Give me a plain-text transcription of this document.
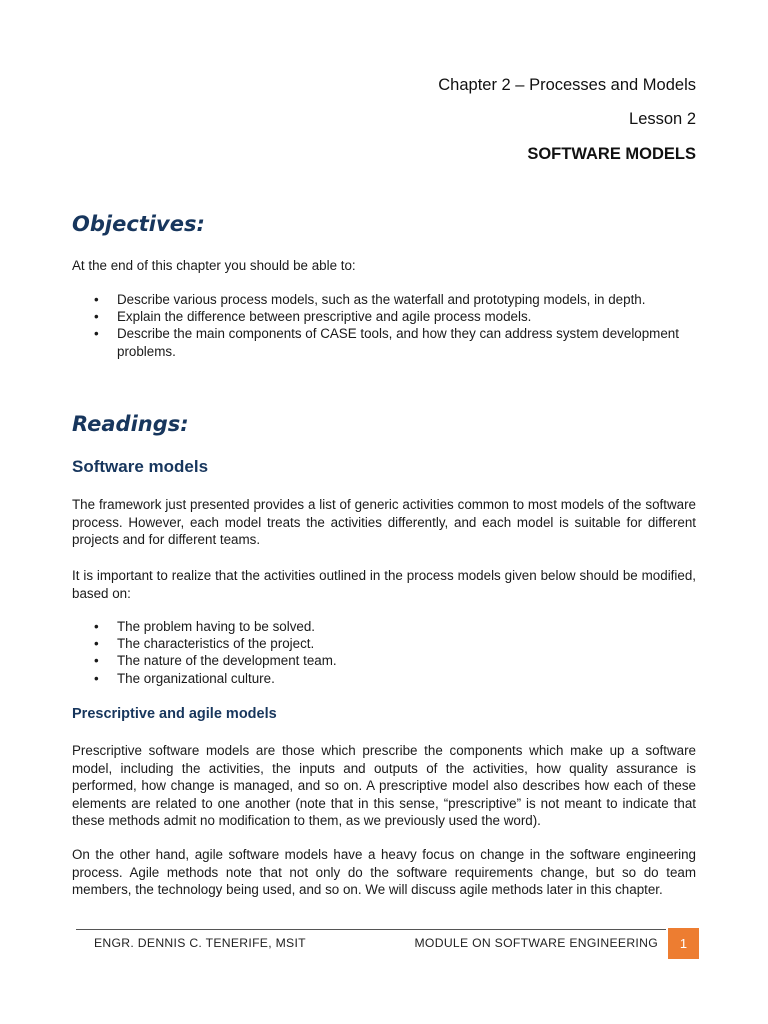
Chapter 2 – Processes and Models
Lesson 2
SOFTWARE MODELS
Objectives:

At the end of this chapter you should be able to:

• Describe various process models, such as the waterfall and prototyping models, in depth.
• Explain the difference between prescriptive and agile process models.
• Describe the main components of CASE tools, and how they can address system development problems.
Readings:
Software models

The framework just presented provides a list of generic activities common to most models of the software process. However, each model treats the activities differently, and each model is suitable for different projects and for different teams.

It is important to realize that the activities outlined in the process models given below should be modified, based on:

• The problem having to be solved.
• The characteristics of the project.
• The nature of the development team.
• The organizational culture.
Prescriptive and agile models

Prescriptive software models are those which prescribe the components which make up a software model, including the activities, the inputs and outputs of the activities, how quality assurance is performed, how change is managed, and so on. A prescriptive model also describes how each of these elements are related to one another (note that in this sense, “prescriptive” is not meant to indicate that these methods admit no modification to them, as we previously used the word).

On the other hand, agile software models have a heavy focus on change in the software engineering process. Agile methods note that not only do the software requirements change, but so do team members, the technology being used, and so on. We will discuss agile methods later in this chapter.

ENGR. DENNIS C. TENERIFE, MSIT	MODULE ON SOFTWARE ENGINEERING	1
